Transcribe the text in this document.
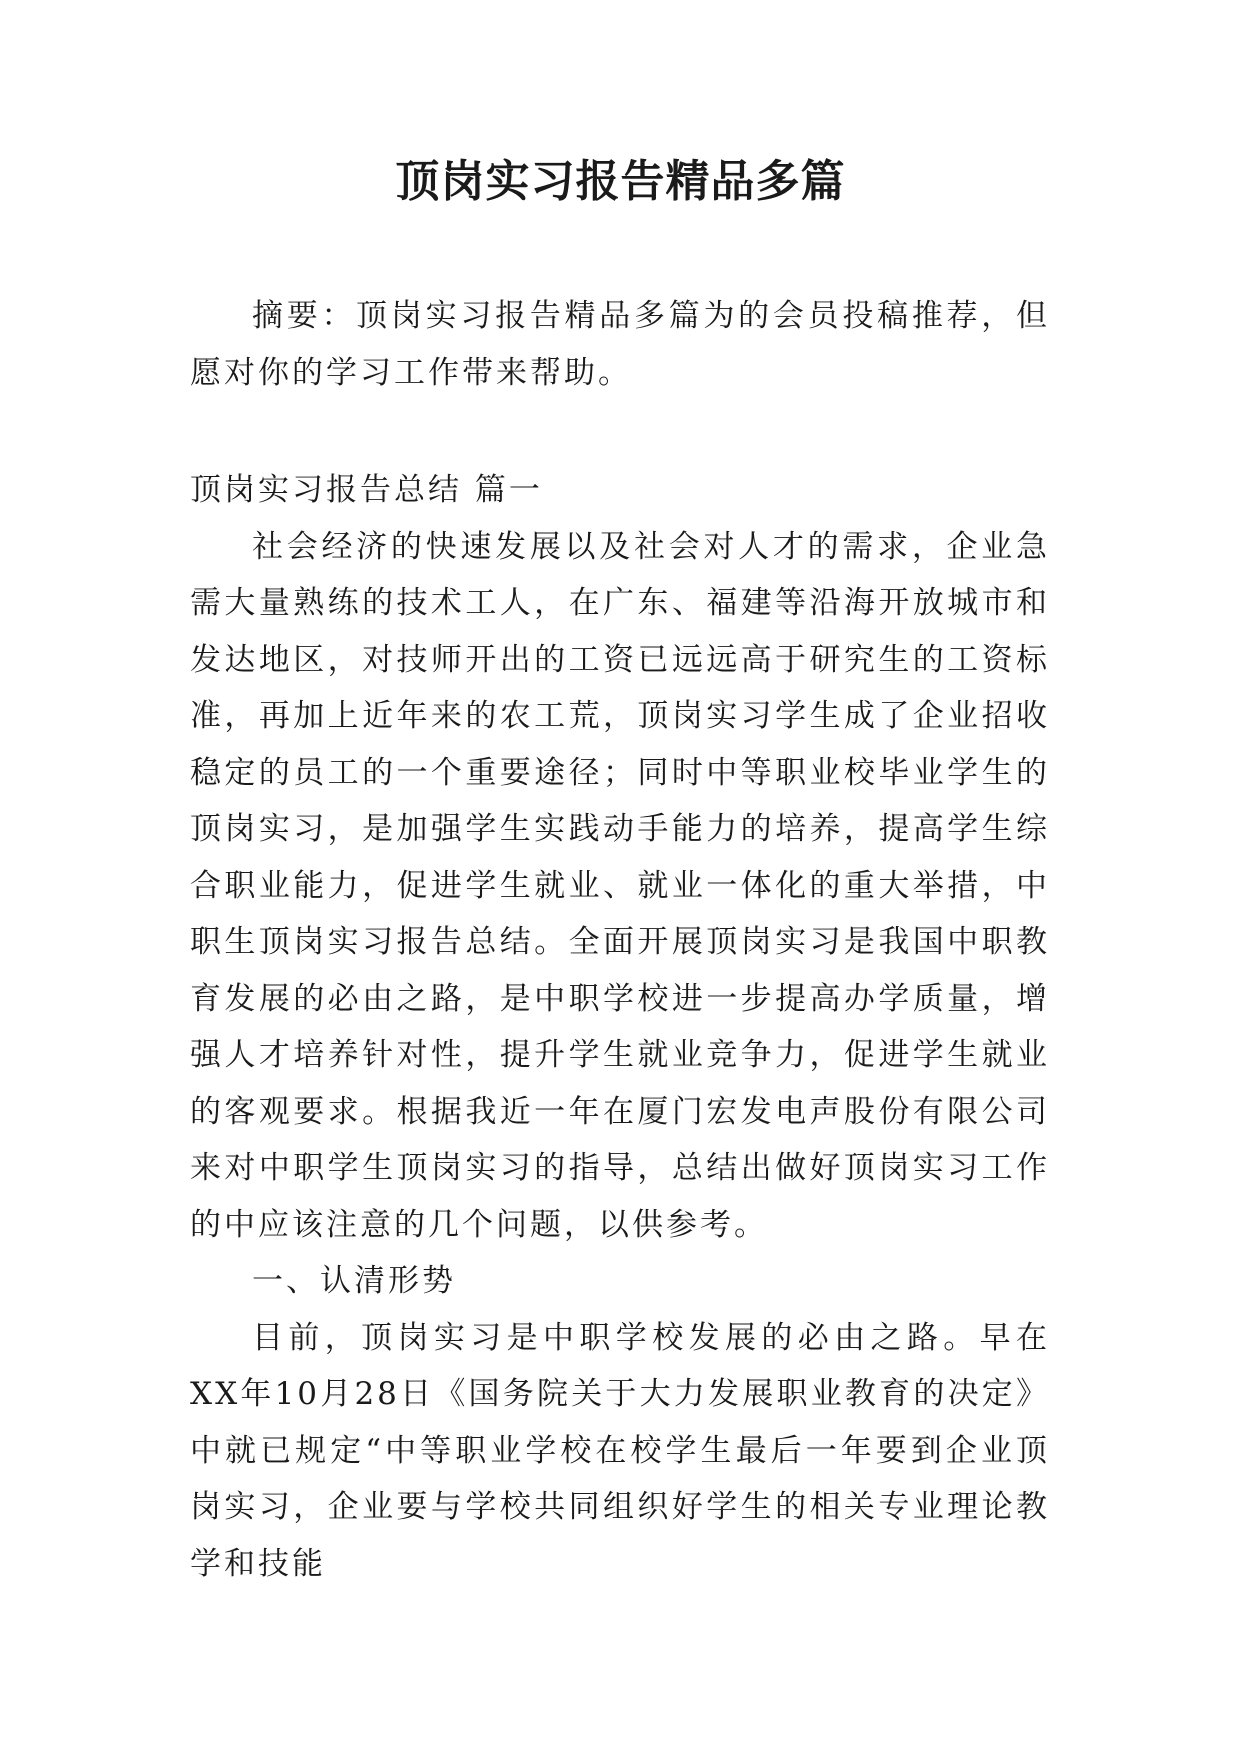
顶岗实习报告精品多篇

摘要：顶岗实习报告精品多篇为的会员投稿推荐，但愿对你的学习工作带来帮助。

顶岗实习报告总结 篇一

社会经济的快速发展以及社会对人才的需求，企业急需大量熟练的技术工人，在广东、福建等沿海开放城市和发达地区，对技师开出的工资已远远高于研究生的工资标准，再加上近年来的农工荒，顶岗实习学生成了企业招收稳定的员工的一个重要途径；同时中等职业校毕业学生的顶岗实习，是加强学生实践动手能力的培养，提高学生综合职业能力，促进学生就业、就业一体化的重大举措，中职生顶岗实习报告总结。全面开展顶岗实习是我国中职教育发展的必由之路，是中职学校进一步提高办学质量，增强人才培养针对性，提升学生就业竞争力，促进学生就业的客观要求。根据我近一年在厦门宏发电声股份有限公司来对中职学生顶岗实习的指导，总结出做好顶岗实习工作的中应该注意的几个问题，以供参考。

一、认清形势

目前，顶岗实习是中职学校发展的必由之路。早在XX年10月28日《国务院关于大力发展职业教育的决定》中就已规定“中等职业学校在校学生最后一年要到企业顶岗实习，企业要与学校共同组织好学生的相关专业理论教学和技能
